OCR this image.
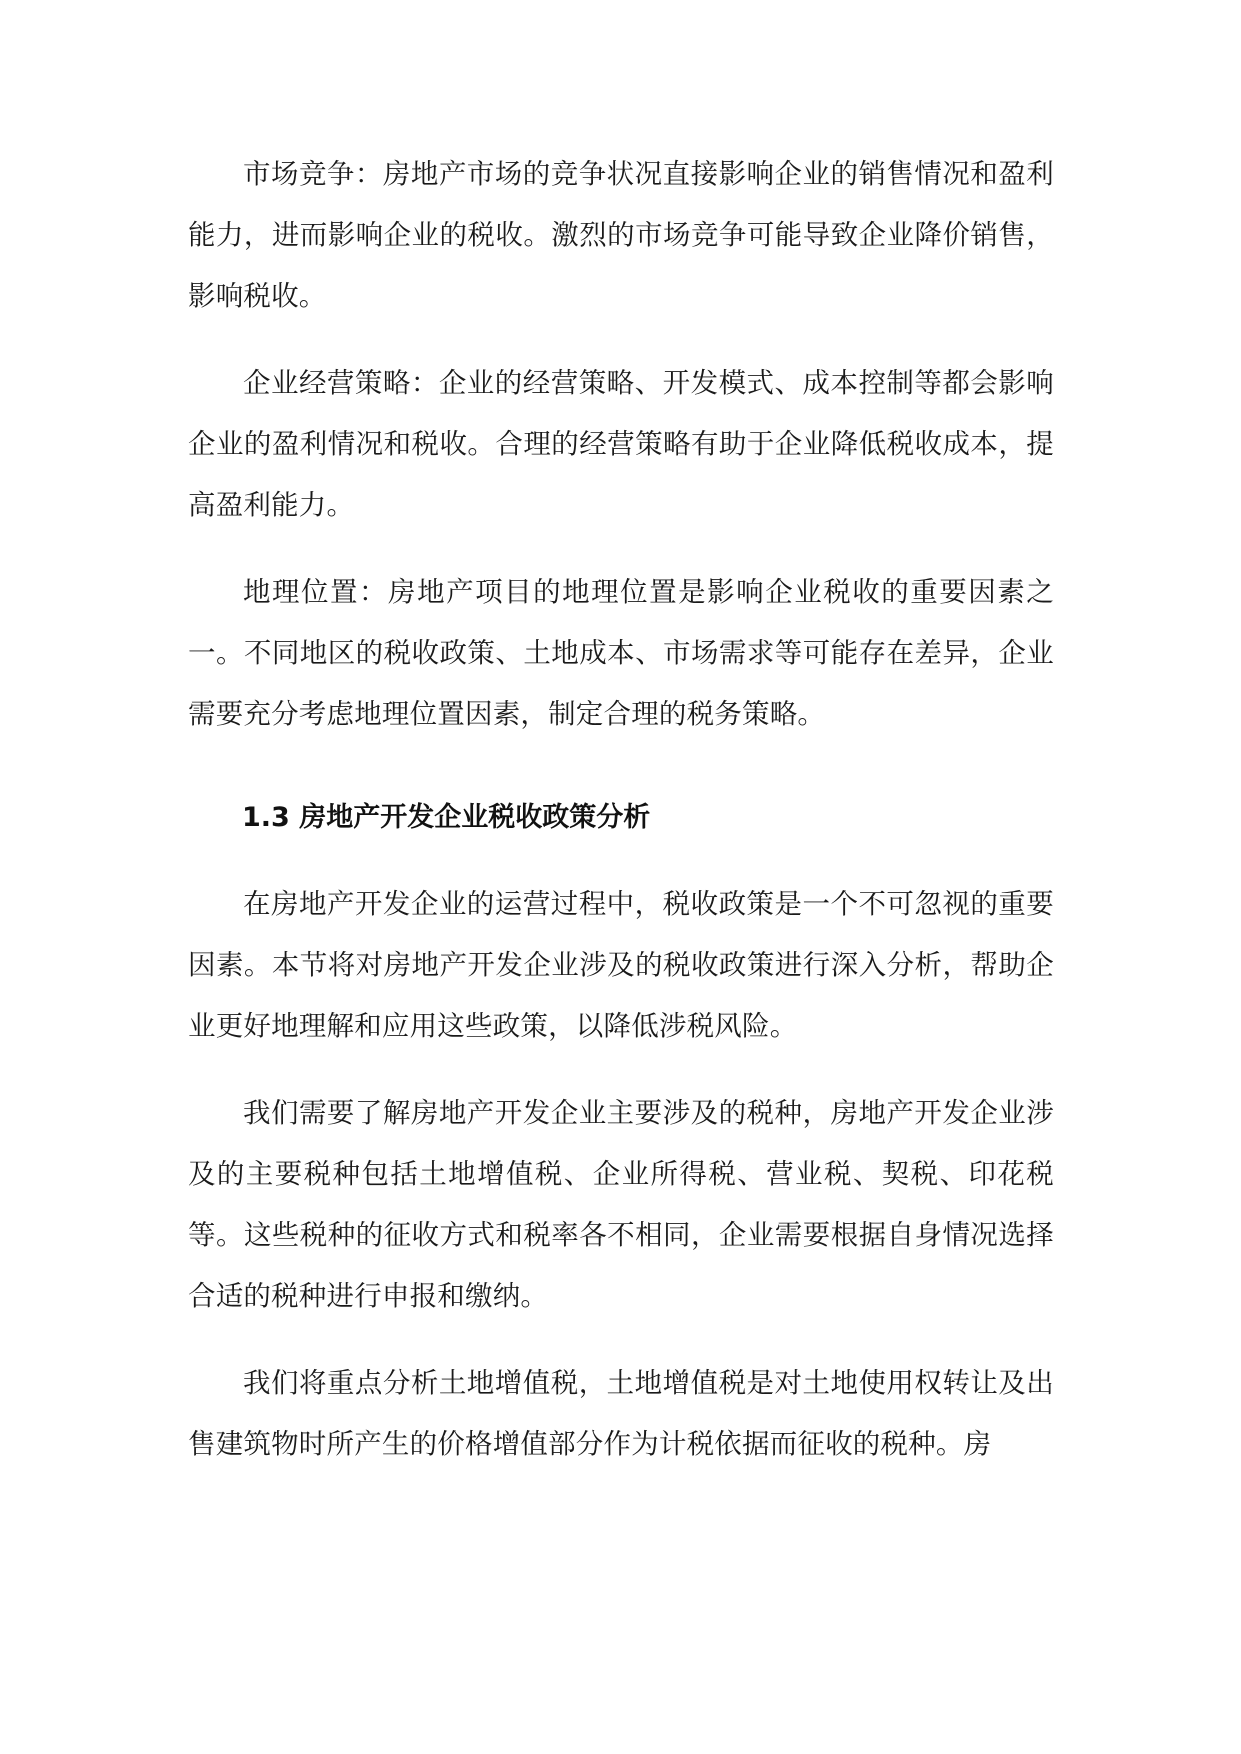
市场竞争：房地产市场的竞争状况直接影响企业的销售情况和盈利能力，进而影响企业的税收。激烈的市场竞争可能导致企业降价销售，影响税收。

企业经营策略：企业的经营策略、开发模式、成本控制等都会影响企业的盈利情况和税收。合理的经营策略有助于企业降低税收成本，提高盈利能力。

地理位置：房地产项目的地理位置是影响企业税收的重要因素之一。不同地区的税收政策、土地成本、市场需求等可能存在差异，企业需要充分考虑地理位置因素，制定合理的税务策略。

1.3 房地产开发企业税收政策分析

在房地产开发企业的运营过程中，税收政策是一个不可忽视的重要因素。本节将对房地产开发企业涉及的税收政策进行深入分析，帮助企业更好地理解和应用这些政策，以降低涉税风险。

我们需要了解房地产开发企业主要涉及的税种，房地产开发企业涉及的主要税种包括土地增值税、企业所得税、营业税、契税、印花税等。这些税种的征收方式和税率各不相同，企业需要根据自身情况选择合适的税种进行申报和缴纳。

我们将重点分析土地增值税，土地增值税是对土地使用权转让及出售建筑物时所产生的价格增值部分作为计税依据而征收的税种。房
